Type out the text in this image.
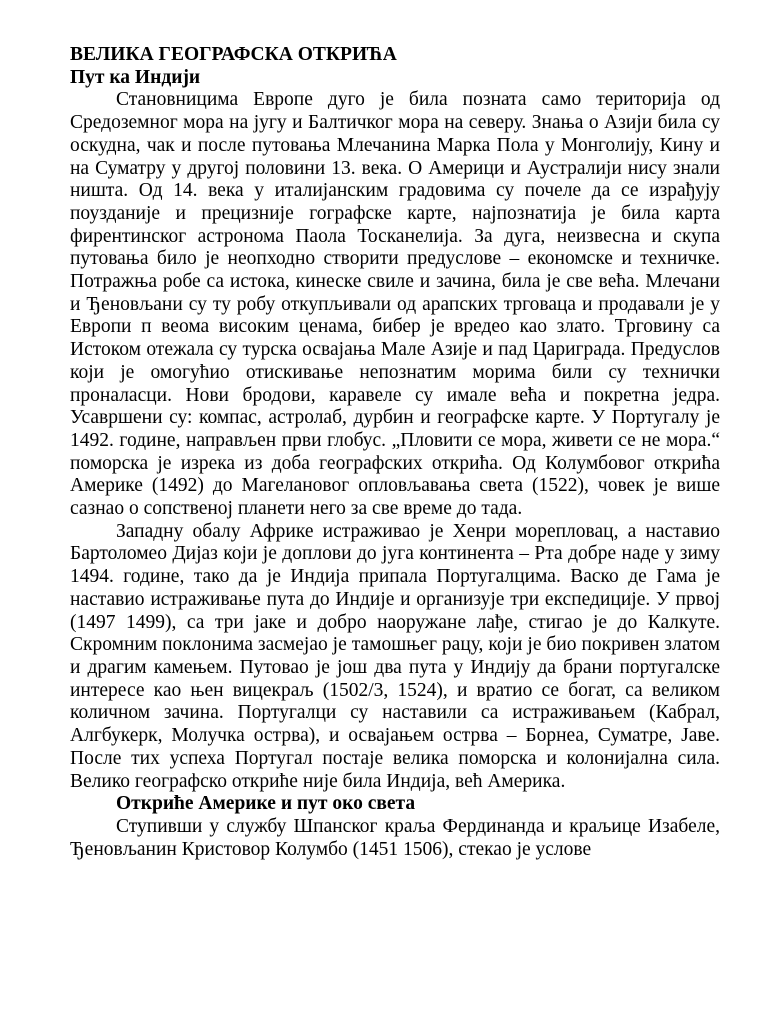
ВЕЛИКА ГЕОГРАФСКА ОТКРИЋА
Пут ка Индији

Становницима Европе дуго је била позната само територија од Средоземног мора на југу и Балтичког мора на северу. Знања о Азији била су оскудна, чак и после путовања Млечанина Марка Пола у Монголију, Кину и на Суматру у другој половини 13. века. О Америци и Аустралији нису знали ништа. Од 14. века у италијанским градовима су почеле да се израђују поузданије и прецизније гографске карте, најпознатија је била карта фирентинског астронома Паола Тосканелија. За дуга, неизвесна и скупа путовања било је неопходно створити предуслове – економске и техничке. Потражња робе са истока, кинеске свиле и зачина, била је све већа. Млечани и Ђеновљани су ту робу откупљивали од арапских трговаца и продавали је у Европи п веома високим ценама, бибер је вредео као злато. Трговину са Истоком отежала су турска освајања Мале Азије и пад Цариграда. Предуслов који је омогућио отискивање непознатим морима били су технички проналасци. Нови бродови, каравеле су имале већа и покретна једра. Усавршени су: компас, астролаб, дурбин и географске карте. У Португалу је 1492. године, направљен први глобус. „Пловити се мора, живети се не мора.“ поморска је изрека из доба географских открића. Од Колумбовог открића Америке (1492) до Магелановог опловљавања света (1522), човек је више сазнао о сопственој планети него за све време до тада.

Западну обалу Африке истраживао је Хенри морепловац, а наставио Бартоломео Дијаз који је доплови до југа континента – Рта добре наде у зиму 1494. године, тако да је Индија припала Португалцима. Васко де Гама је наставио истраживање пута до Индије и организује три експедиције. У првој (1497 1499), са три јаке и добро наоружане лађе, стигао је до Калкуте. Скромним поклонима засмејао је тамошњег рацу, који је био покривен златом и драгим камењем. Путовао је још два пута у Индију да брани португалске интересе као њен вицекраљ (1502/3, 1524), и вратио се богат, са великом количном зачина. Португалци су наставили са истраживањем (Кабрал, Алгбукерк, Молучка острва), и освајањем острва – Борнеа, Суматре, Јаве. После тих успеха Португал постаје велика поморска и колонијална сила. Велико географско откриће није била Индија, већ Америка.

Откриће Америке и пут око света

Ступивши у службу Шпанског краља Фердинанда и краљице Изабеле, Ђеновљанин Кристовор Колумбо (1451 1506), стекао је услове
